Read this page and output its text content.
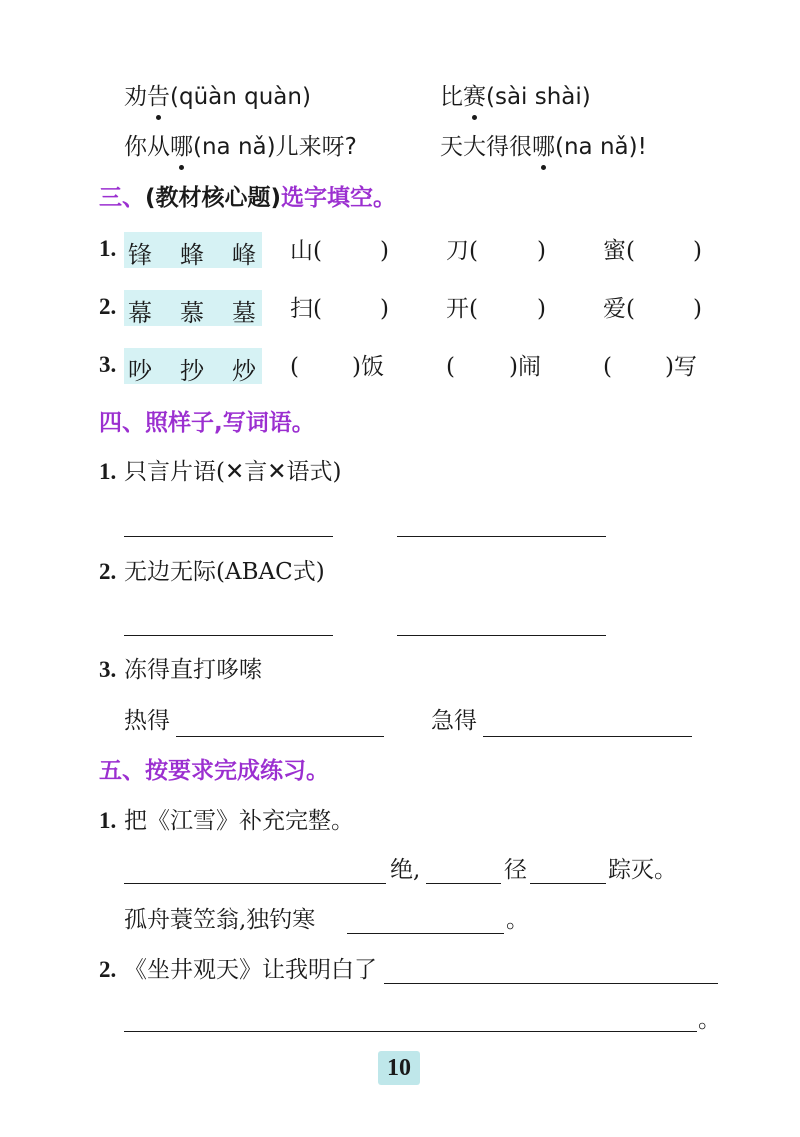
劝告(qüàn quàn)	比赛(sài shài)
你从哪(na nǎ)儿来呀?	天大得很哪(na nǎ)!
三、(教材核心题)选字填空。
1. 锋 蜂 峰 山(	) 刀(	) 蜜(	)
2. 幕 慕 墓 扫(	) 开(	) 爱(	)
3. 吵 抄 炒 ( )饭	( )闹	( )写
四、照样子,写词语。
1. 只言片语(✕言✕语式)
2. 无边无际(ABAC式)
3. 冻得直打哆嗦
热得	急得
五、按要求完成练习。
1. 把《江雪》补充完整。
绝,	径	踪灭。
孤舟蓑笠翁,独钓寒	。
2. 《坐井观天》让我明白了
。
10
